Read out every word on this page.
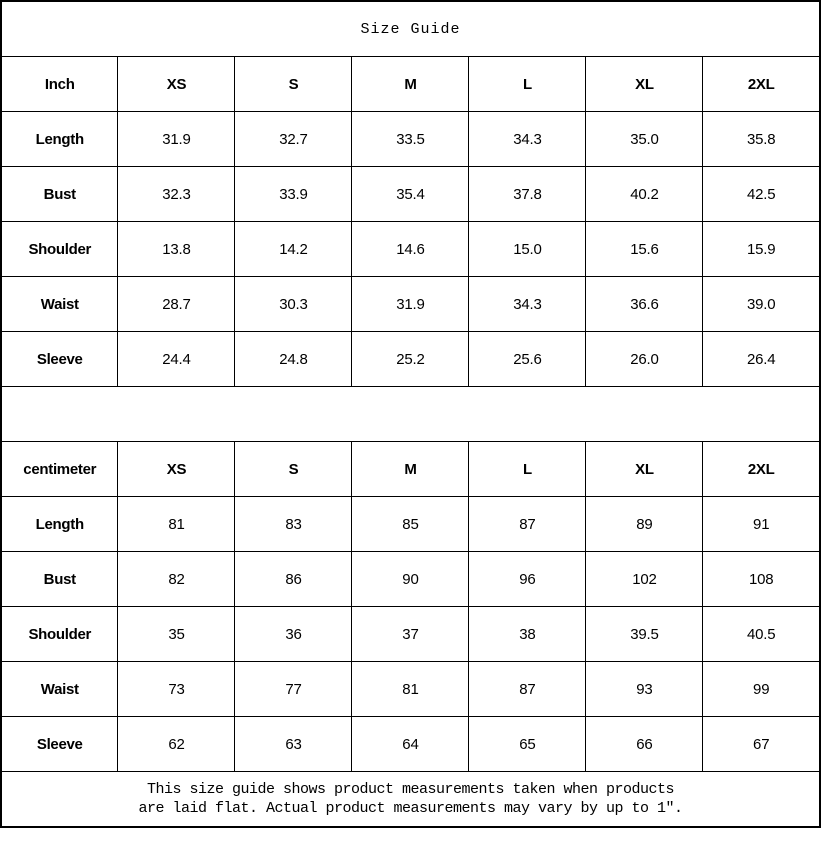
Size Guide						
Inch	XS	S	M	L	XL	2XL
Length	31.9	32.7	33.5	34.3	35.0	35.8
Bust	32.3	33.9	35.4	37.8	40.2	42.5
Shoulder	13.8	14.2	14.6	15.0	15.6	15.9
Waist	28.7	30.3	31.9	34.3	36.6	39.0
Sleeve	24.4	24.8	25.2	25.6	26.0	26.4

centimeter	XS	S	M	L	XL	2XL
Length	81	83	85	87	89	91
Bust	82	86	90	96	102	108
Shoulder	35	36	37	38	39.5	40.5
Waist	73	77	81	87	93	99
Sleeve	62	63	64	65	66	67

This size guide shows product measurements taken when products
are laid flat. Actual product measurements may vary by up to 1″.						
